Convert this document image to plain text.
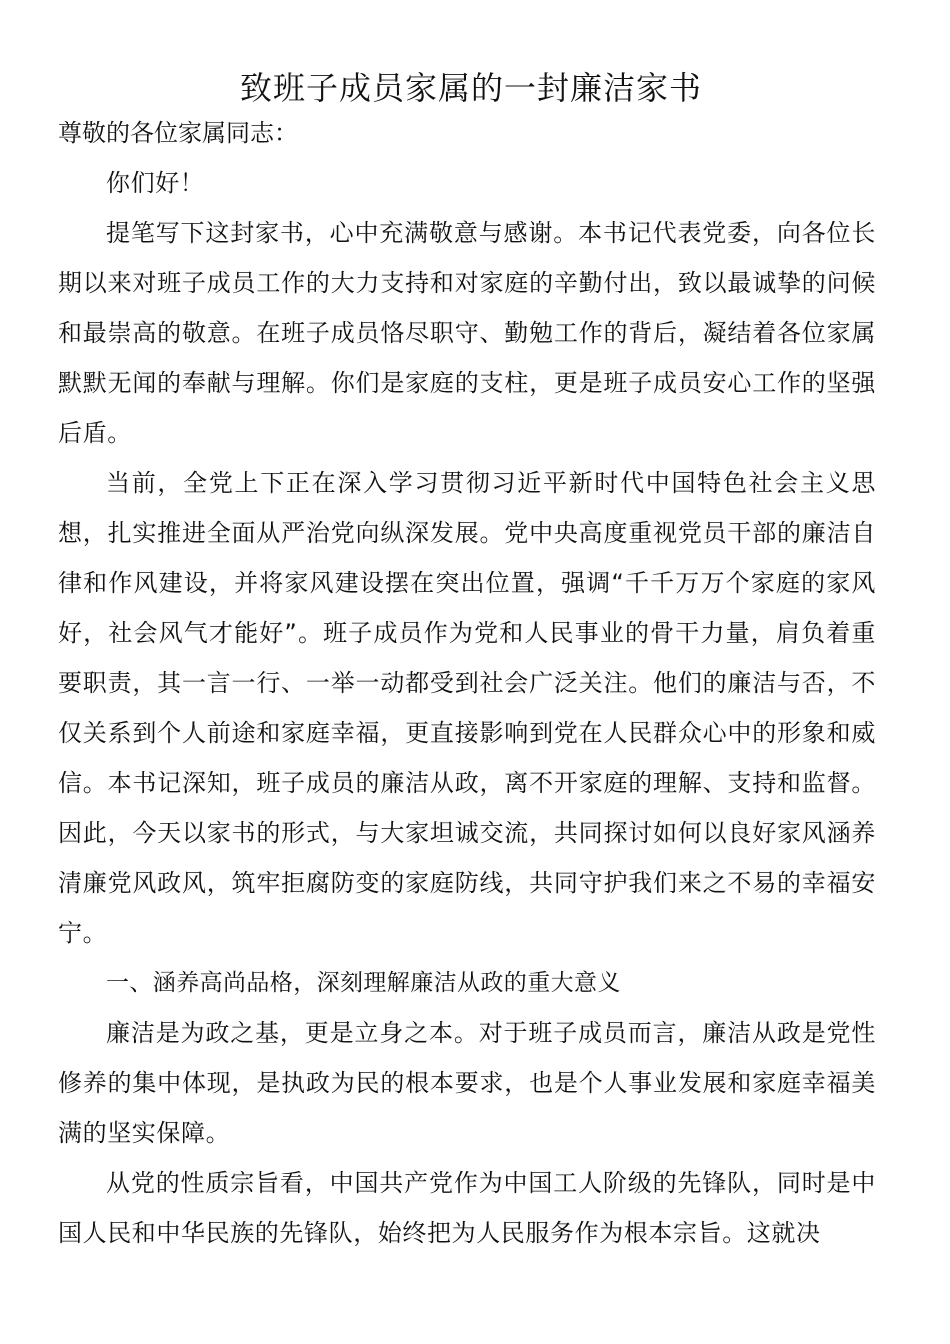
致班子成员家属的一封廉洁家书

尊敬的各位家属同志：

你们好！

提笔写下这封家书，心中充满敬意与感谢。本书记代表党委，向各位长期以来对班子成员工作的大力支持和对家庭的辛勤付出，致以最诚挚的问候和最崇高的敬意。在班子成员恪尽职守、勤勉工作的背后，凝结着各位家属默默无闻的奉献与理解。你们是家庭的支柱，更是班子成员安心工作的坚强后盾。

当前，全党上下正在深入学习贯彻习近平新时代中国特色社会主义思想，扎实推进全面从严治党向纵深发展。党中央高度重视党员干部的廉洁自律和作风建设，并将家风建设摆在突出位置，强调“千千万万个家庭的家风好，社会风气才能好”。班子成员作为党和人民事业的骨干力量，肩负着重要职责，其一言一行、一举一动都受到社会广泛关注。他们的廉洁与否，不仅关系到个人前途和家庭幸福，更直接影响到党在人民群众心中的形象和威信。本书记深知，班子成员的廉洁从政，离不开家庭的理解、支持和监督。因此，今天以家书的形式，与大家坦诚交流，共同探讨如何以良好家风涵养清廉党风政风，筑牢拒腐防变的家庭防线，共同守护我们来之不易的幸福安宁。

一、涵养高尚品格，深刻理解廉洁从政的重大意义

廉洁是为政之基，更是立身之本。对于班子成员而言，廉洁从政是党性修养的集中体现，是执政为民的根本要求，也是个人事业发展和家庭幸福美满的坚实保障。

从党的性质宗旨看，中国共产党作为中国工人阶级的先锋队，同时是中国人民和中华民族的先锋队，始终把为人民服务作为根本宗旨。这就决
